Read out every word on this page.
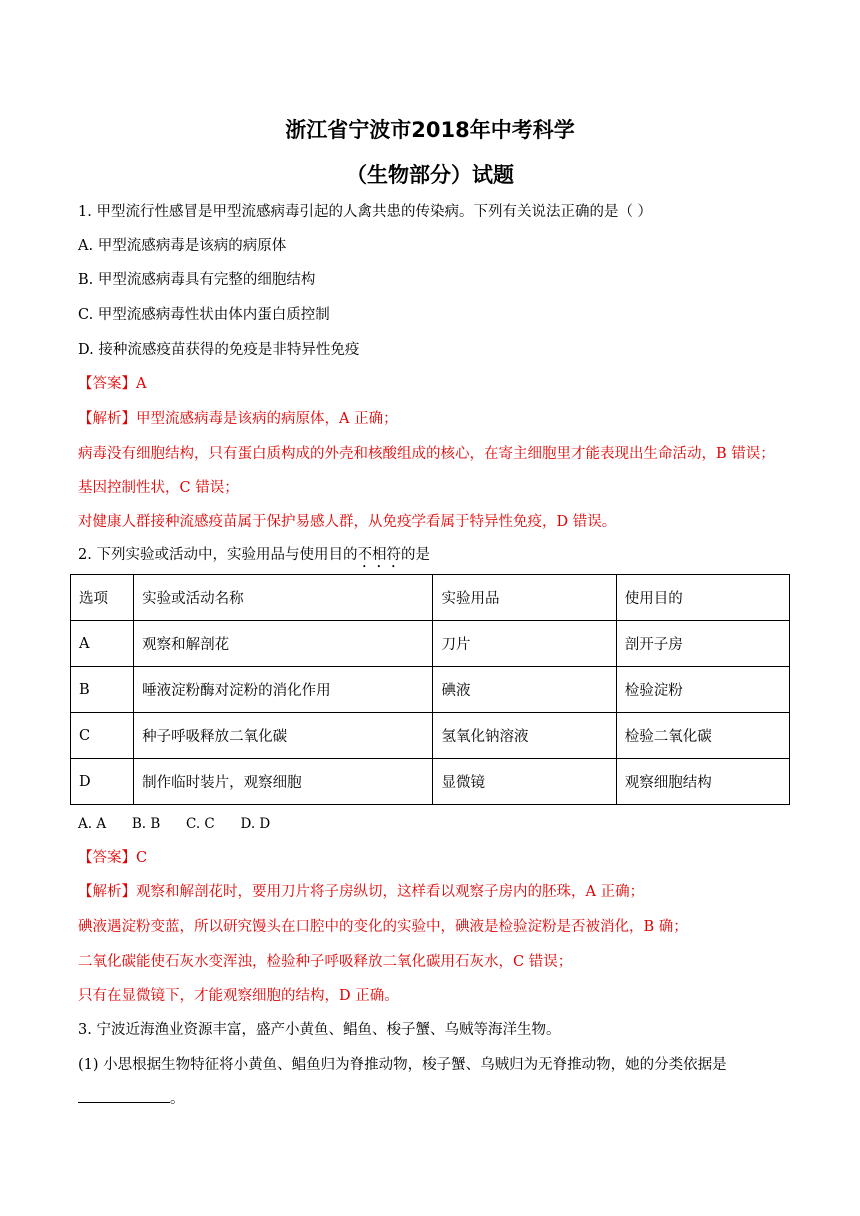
浙江省宁波市2018年中考科学
（生物部分）试题
1. 甲型流行性感冒是甲型流感病毒引起的人禽共患的传染病。下列有关说法正确的是（ ）
A. 甲型流感病毒是该病的病原体
B. 甲型流感病毒具有完整的细胞结构
C. 甲型流感病毒性状由体内蛋白质控制
D. 接种流感疫苗获得的免疫是非特异性免疫
【答案】A
【解析】甲型流感病毒是该病的病原体，A 正确；
病毒没有细胞结构，只有蛋白质构成的外壳和核酸组成的核心，在寄主细胞里才能表现出生命活动，B 错误；
基因控制性状，C 错误；
对健康人群接种流感疫苗属于保护易感人群，从免疫学看属于特异性免疫，D 错误。
2. 下列实验或活动中，实验用品与使用目的不相符的是
选项	实验或活动名称	实验用品	使用目的
A	观察和解剖花	刀片	剖开子房
B	唾液淀粉酶对淀粉的消化作用	碘液	检验淀粉
C	种子呼吸释放二氧化碳	氢氧化钠溶液	检验二氧化碳
D	制作临时装片，观察细胞	显微镜	观察细胞结构
A. A      B. B      C. C      D. D
【答案】C
【解析】观察和解剖花时，要用刀片将子房纵切，这样看以观察子房内的胚珠，A 正确；
碘液遇淀粉变蓝，所以研究馒头在口腔中的变化的实验中，碘液是检验淀粉是否被消化，B 确；
二氧化碳能使石灰水变浑浊，检验种子呼吸释放二氧化碳用石灰水，C 错误；
只有在显微镜下，才能观察细胞的结构，D 正确。
3. 宁波近海渔业资源丰富，盛产小黄鱼、鲳鱼、梭子蟹、乌贼等海洋生物。
(1) 小思根据生物特征将小黄鱼、鲳鱼归为脊推动物，梭子蟹、乌贼归为无脊推动物，她的分类依据是
。
